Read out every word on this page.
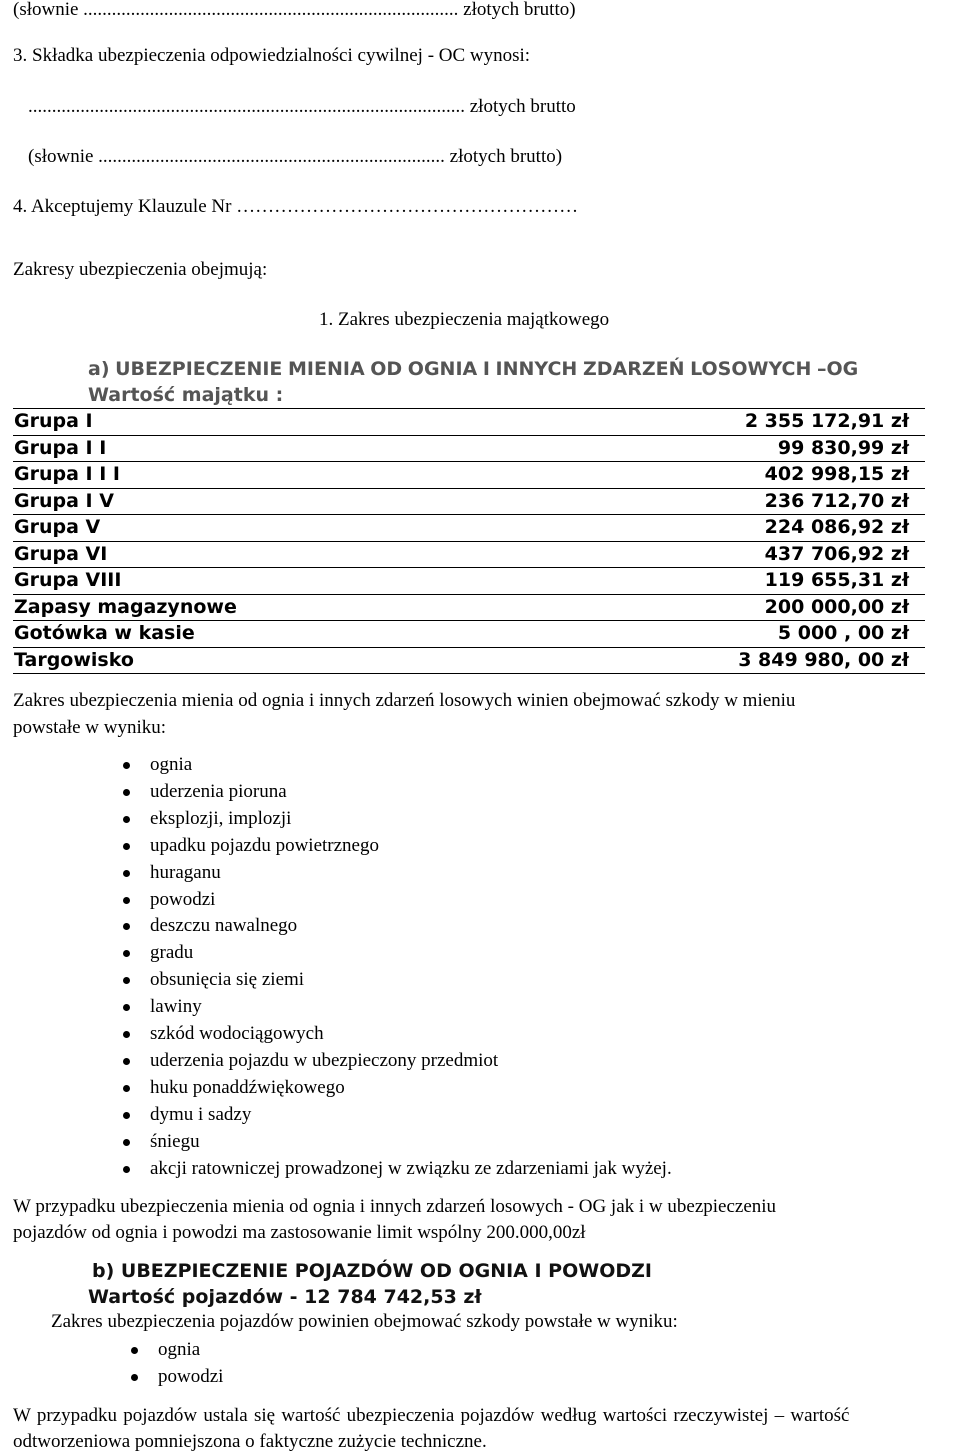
(słownie ............................................................................... złotych brutto)
3. Składka ubezpieczenia odpowiedzialności cywilnej - OC wynosi:
............................................................................................ złotych brutto
(słownie ......................................................................... złotych brutto)
4. Akceptujemy Klauzule Nr ………………………………………………
Zakresy ubezpieczenia obejmują:
1. Zakres ubezpieczenia majątkowego
a) UBEZPIECZENIE MIENIA OD OGNIA I INNYCH ZDARZEŃ LOSOWYCH –OG
Wartość majątku :
Grupa I	2 355 172,91 zł
Grupa I I	99 830,99 zł
Grupa I I I	402 998,15 zł
Grupa I V	236 712,70 zł
Grupa V	224 086,92 zł
Grupa VI	437 706,92 zł
Grupa VIII	119 655,31 zł
Zapasy magazynowe	200 000,00 zł
Gotówka w kasie	5 000 , 00 zł
Targowisko	3 849 980, 00 zł
Zakres ubezpieczenia mienia od ognia i innych zdarzeń losowych winien obejmować szkody w mieniu
powstałe w wyniku:
ognia
uderzenia pioruna
eksplozji, implozji
upadku pojazdu powietrznego
huraganu
powodzi
deszczu nawalnego
gradu
obsunięcia się ziemi
lawiny
szkód wodociągowych
uderzenia pojazdu w ubezpieczony przedmiot
huku ponaddźwiękowego
dymu i sadzy
śniegu
akcji ratowniczej prowadzonej w związku ze zdarzeniami jak wyżej.
W przypadku ubezpieczenia mienia od ognia i innych zdarzeń losowych - OG jak i w ubezpieczeniu
pojazdów od ognia i powodzi ma zastosowanie limit wspólny 200.000,00zł
b) UBEZPIECZENIE POJAZDÓW OD OGNIA I POWODZI
Wartość pojazdów - 12 784 742,53 zł
Zakres ubezpieczenia pojazdów powinien obejmować szkody powstałe w wyniku:
ognia
powodzi
W przypadku pojazdów ustala się wartość ubezpieczenia pojazdów według wartości rzeczywistej – wartość
odtworzeniowa pomniejszona o faktyczne zużycie techniczne.
